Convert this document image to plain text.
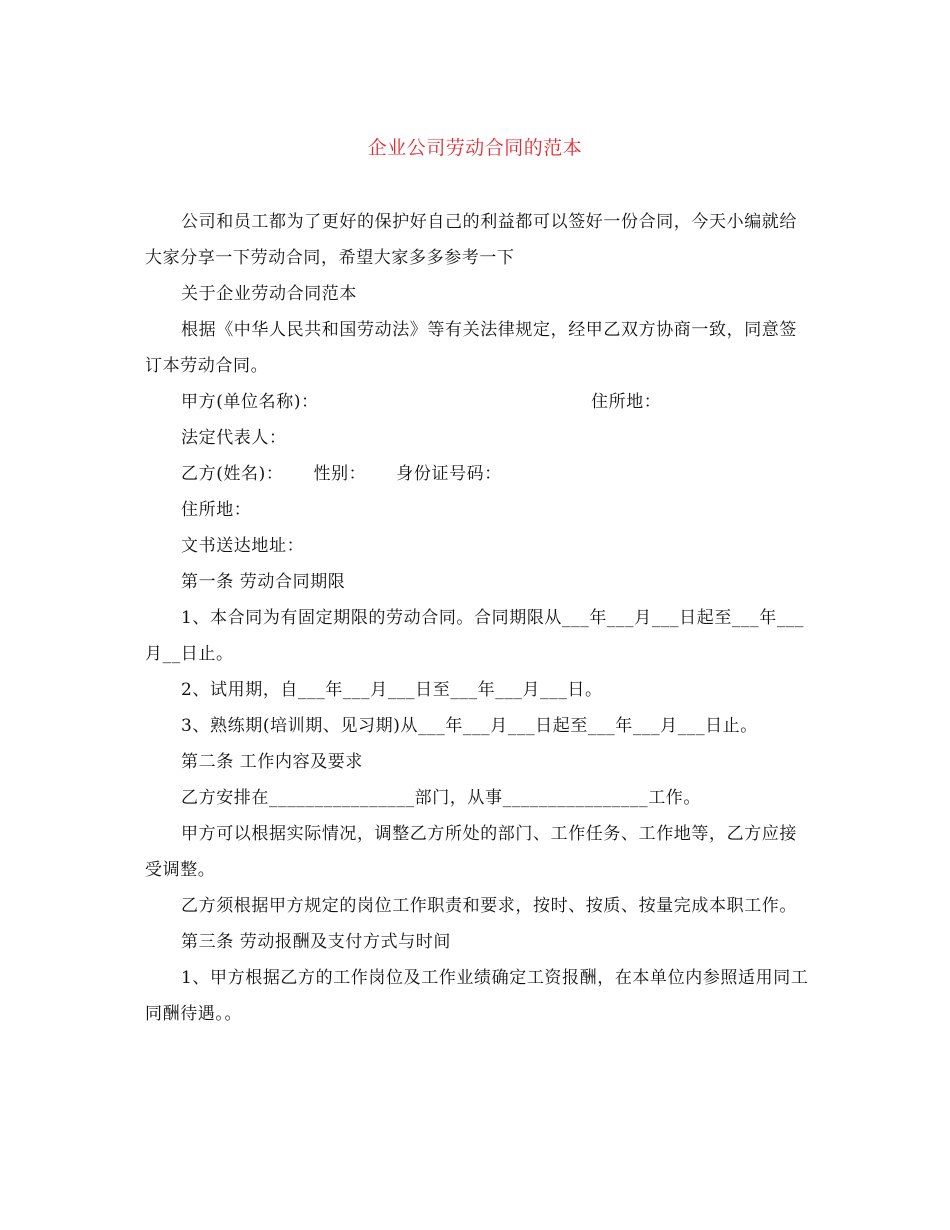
企业公司劳动合同的范本

公司和员工都为了更好的保护好自己的利益都可以签好一份合同，今天小编就给大家分享一下劳动合同，希望大家多多参考一下

关于企业劳动合同范本

根据《中华人民共和国劳动法》等有关法律规定，经甲乙双方协商一致，同意签订本劳动合同。

甲方(单位名称)：	住所地：
法定代表人：
乙方(姓名)： 性别： 身份证号码：
住所地：
文书送达地址：

第一条 劳动合同期限

1、本合同为有固定期限的劳动合同。合同期限从___年___月___日起至___年___月__日止。

2、试用期，自___年___月___日至___年___月___日。

3、熟练期(培训期、见习期)从___年___月___日起至___年___月___日止。

第二条 工作内容及要求

乙方安排在________________部门，从事________________工作。

甲方可以根据实际情况，调整乙方所处的部门、工作任务、工作地等，乙方应接受调整。

乙方须根据甲方规定的岗位工作职责和要求，按时、按质、按量完成本职工作。

第三条 劳动报酬及支付方式与时间

1、甲方根据乙方的工作岗位及工作业绩确定工资报酬，在本单位内参照适用同工同酬待遇。。
